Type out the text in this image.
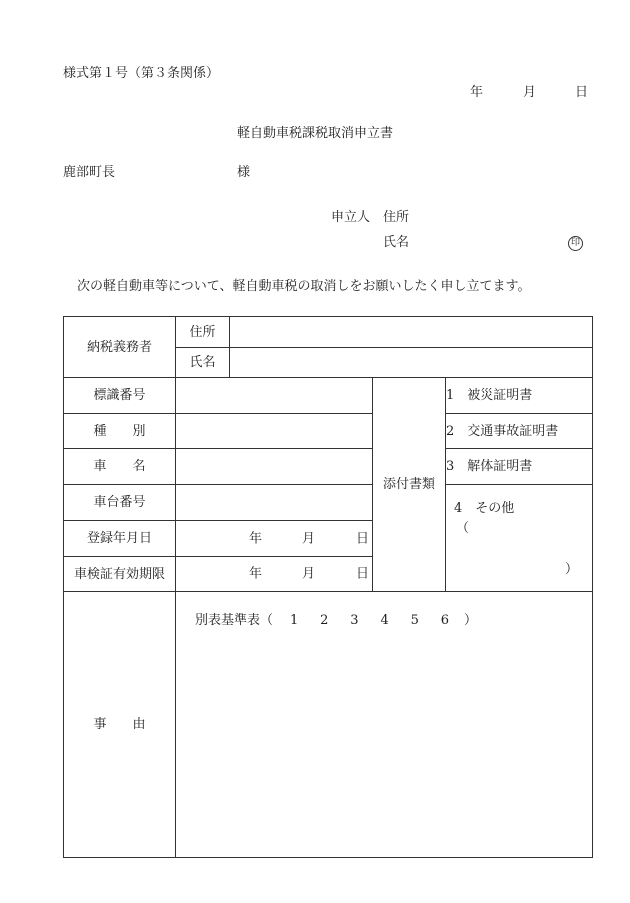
様式第１号（第３条関係）
年	月	日
軽自動車税課税取消申立書
鹿部町長	様
申立人 住所
氏名	印
次の軽自動車等について、軽自動車税の取消しをお願いしたく申し立てます。
納税義務者	住所			
	氏名			
標識番号			添付書類	1 被災証明書
種　　別				2 交通事故証明書
車　　名				3 解体証明書
車台番号				4 その他
（
）

登録年月日	年 月 日			

車検証有効期限	年 月 日			

事　　由	別表基準表（ 1 2 3 4 5 6 ）			
